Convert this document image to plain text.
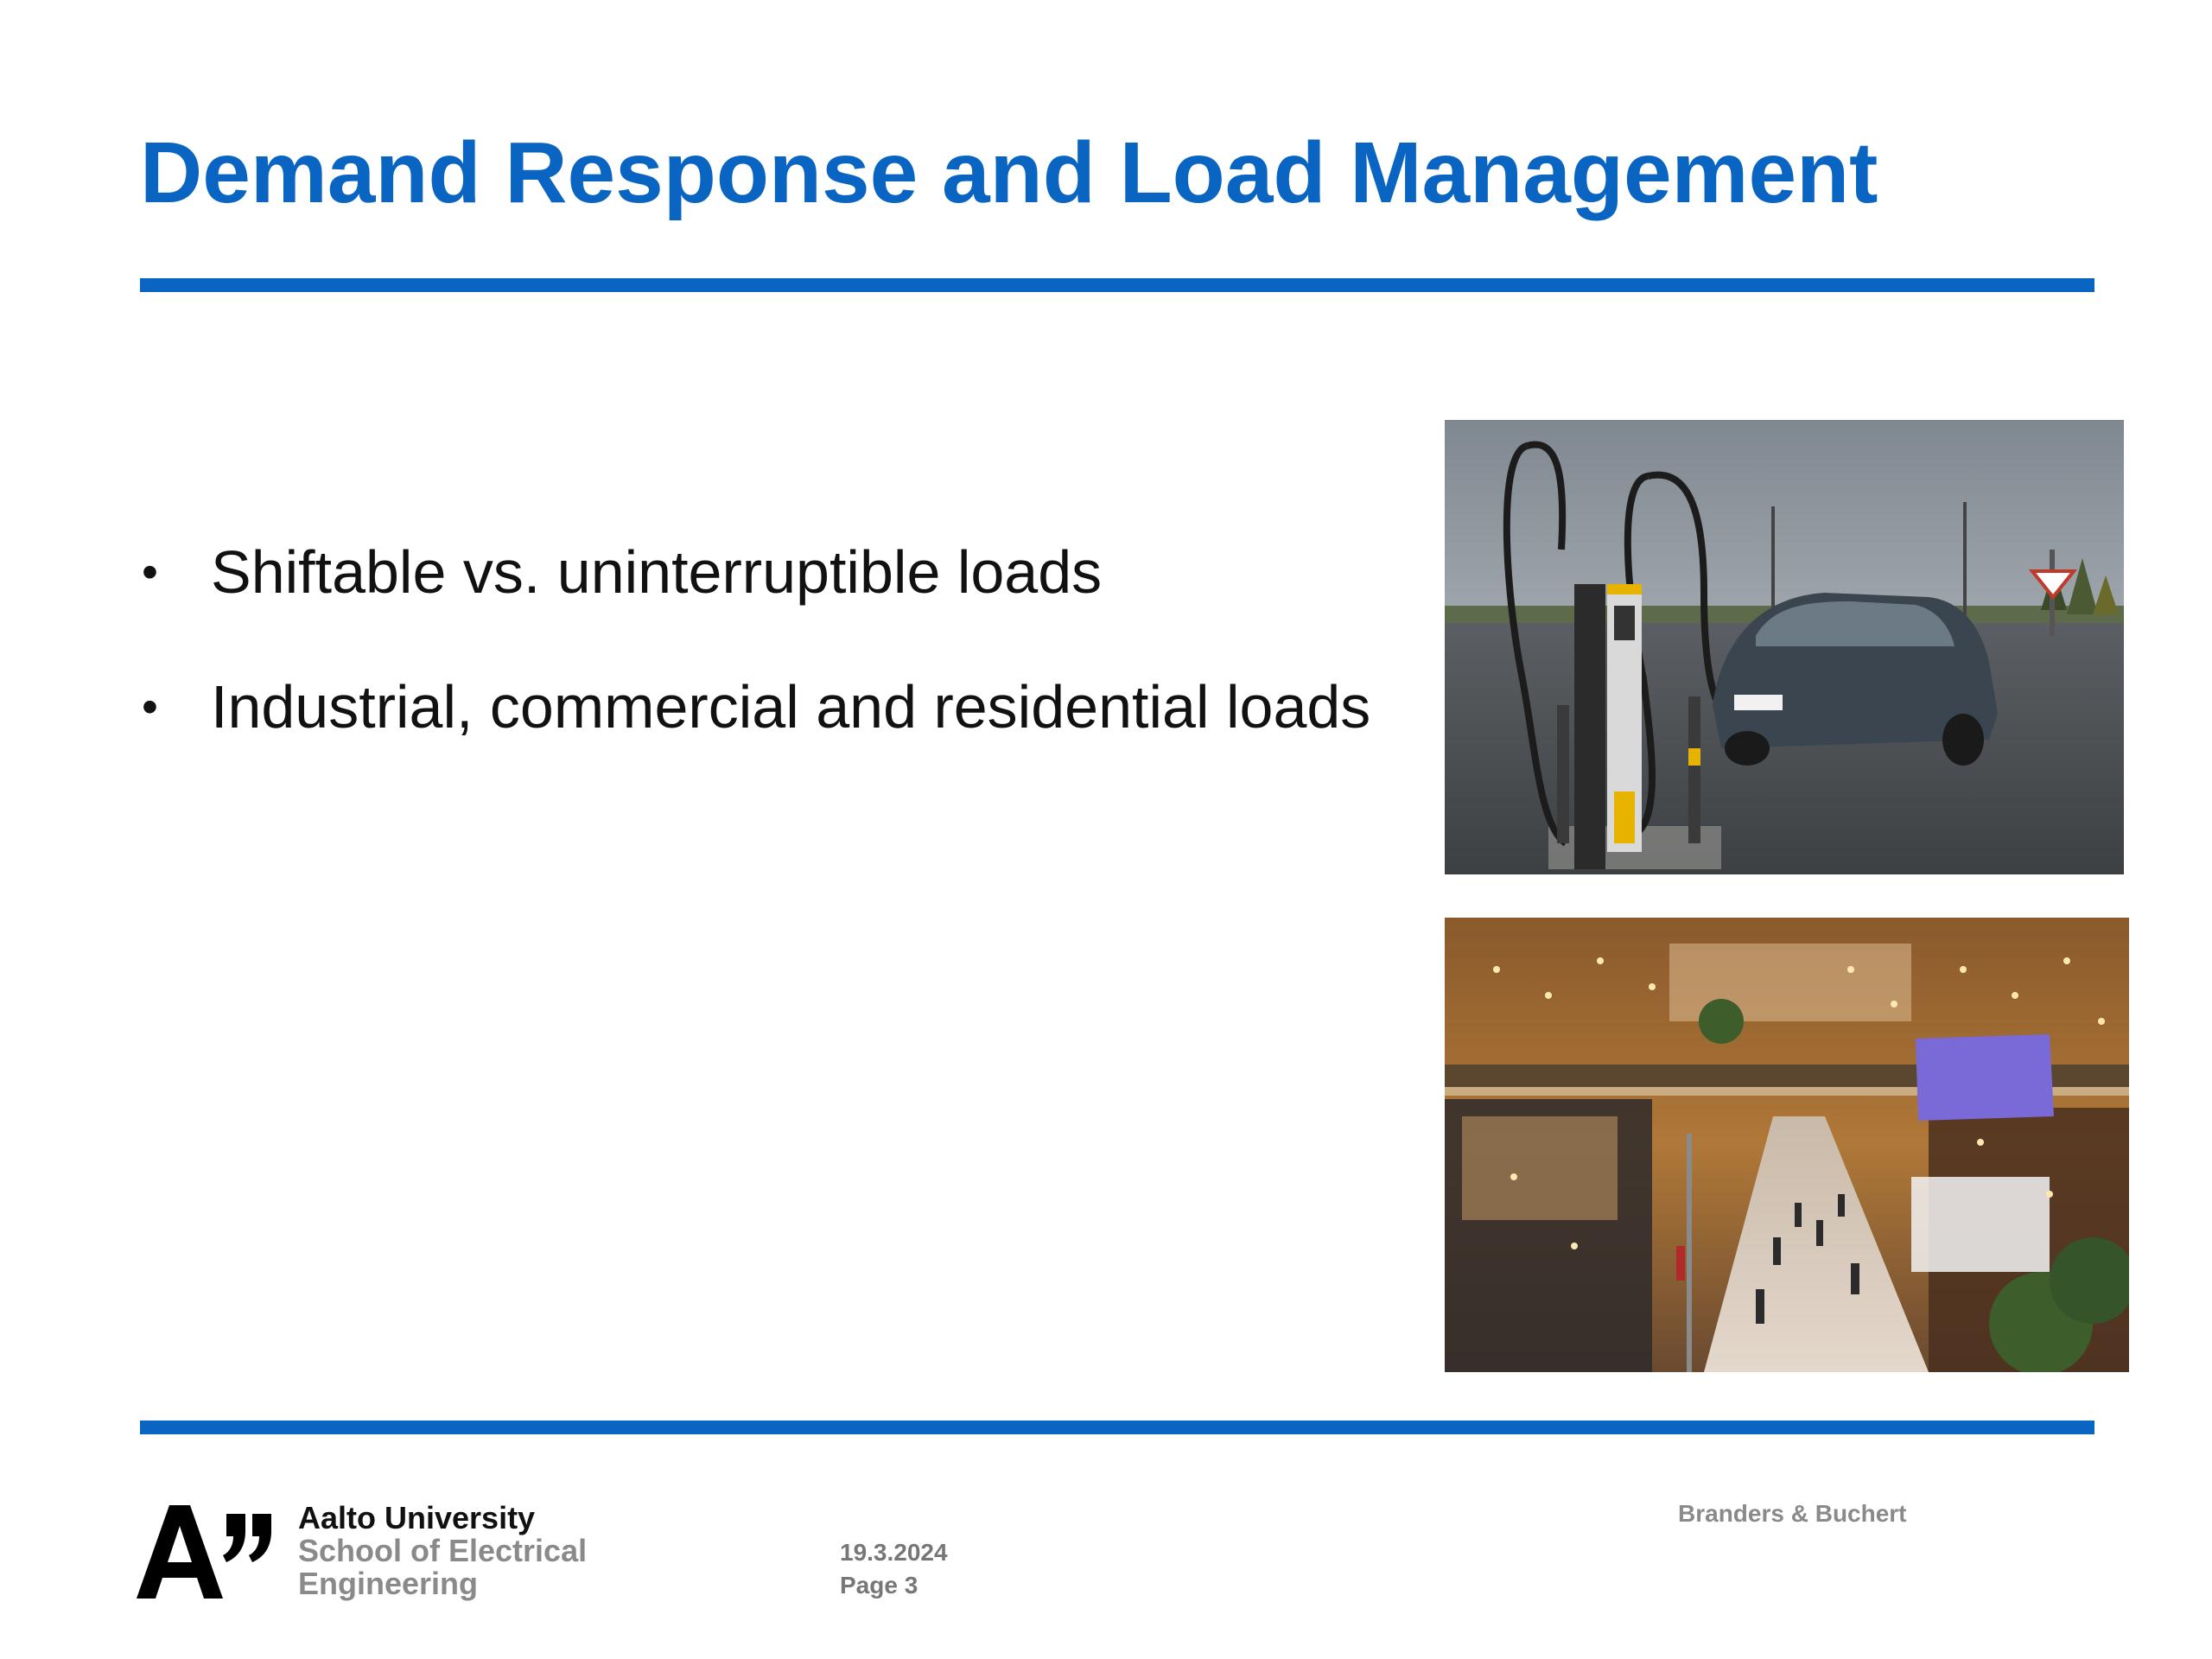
Demand Response and Load Management
• Shiftable vs. uninterruptible loads
• Industrial, commercial and residential loads
Aalto University
School of Electrical
Engineering
19.3.2024
Page 3
Branders & Buchert
